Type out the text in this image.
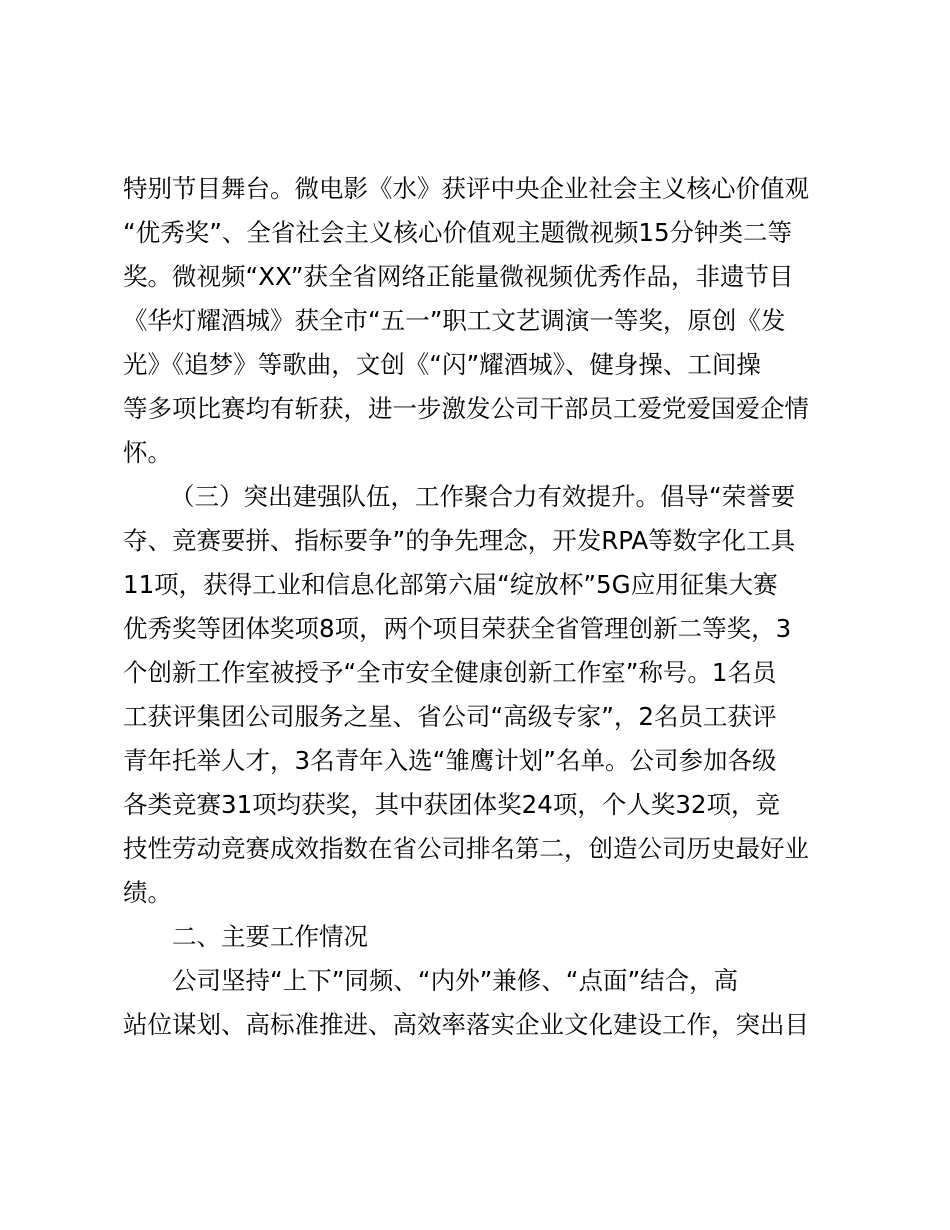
特别节目舞台。微电影《水》获评中央企业社会主义核心价值观
“优秀奖”、全省社会主义核心价值观主题微视频15分钟类二等
奖。微视频“XX”获全省网络正能量微视频优秀作品，非遗节目
《华灯耀酒城》获全市“五一”职工文艺调演一等奖，原创《发
光》《追梦》等歌曲，文创《“闪”耀酒城》、健身操、工间操
等多项比赛均有斩获，进一步激发公司干部员工爱党爱国爱企情
怀。
（三）突出建强队伍，工作聚合力有效提升。倡导“荣誉要
夺、竞赛要拼、指标要争”的争先理念，开发RPA等数字化工具
11项，获得工业和信息化部第六届“绽放杯”5G应用征集大赛
优秀奖等团体奖项8项，两个项目荣获全省管理创新二等奖，3
个创新工作室被授予“全市安全健康创新工作室”称号。1名员
工获评集团公司服务之星、省公司“高级专家”，2名员工获评
青年托举人才，3名青年入选“雏鹰计划”名单。公司参加各级
各类竞赛31项均获奖，其中获团体奖24项，个人奖32项，竞
技性劳动竞赛成效指数在省公司排名第二，创造公司历史最好业
绩。
二、主要工作情况
公司坚持“上下”同频、“内外”兼修、“点面”结合，高
站位谋划、高标准推进、高效率落实企业文化建设工作，突出目
